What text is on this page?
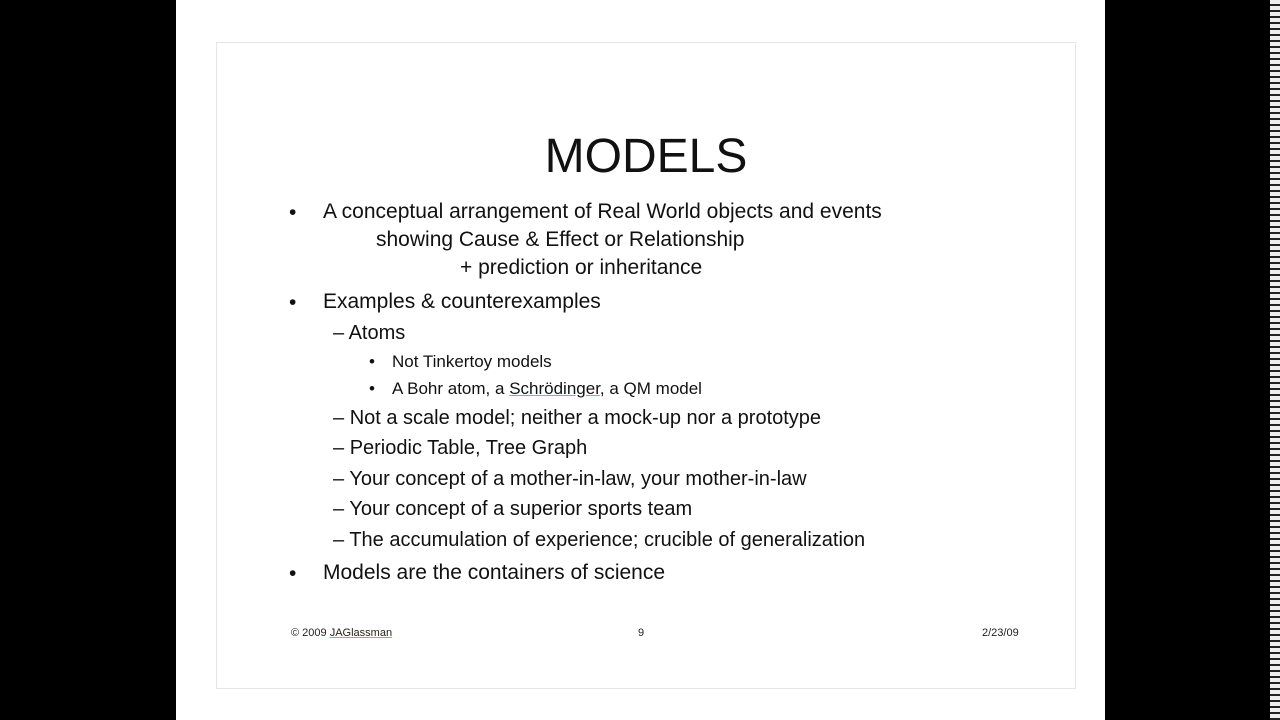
MODELS
• A conceptual arrangement of Real World objects and events
showing Cause & Effect or Relationship
+ prediction or inheritance
• Examples & counterexamples
– Atoms
• Not Tinkertoy models
• A Bohr atom, a Schrödinger, a QM model
– Not a scale model; neither a mock-up nor a prototype
– Periodic Table, Tree Graph
– Your concept of a mother-in-law, your mother-in-law
– Your concept of a superior sports team
– The accumulation of experience; crucible of generalization
• Models are the containers of science
© 2009 JAGlassman	9	2/23/09
